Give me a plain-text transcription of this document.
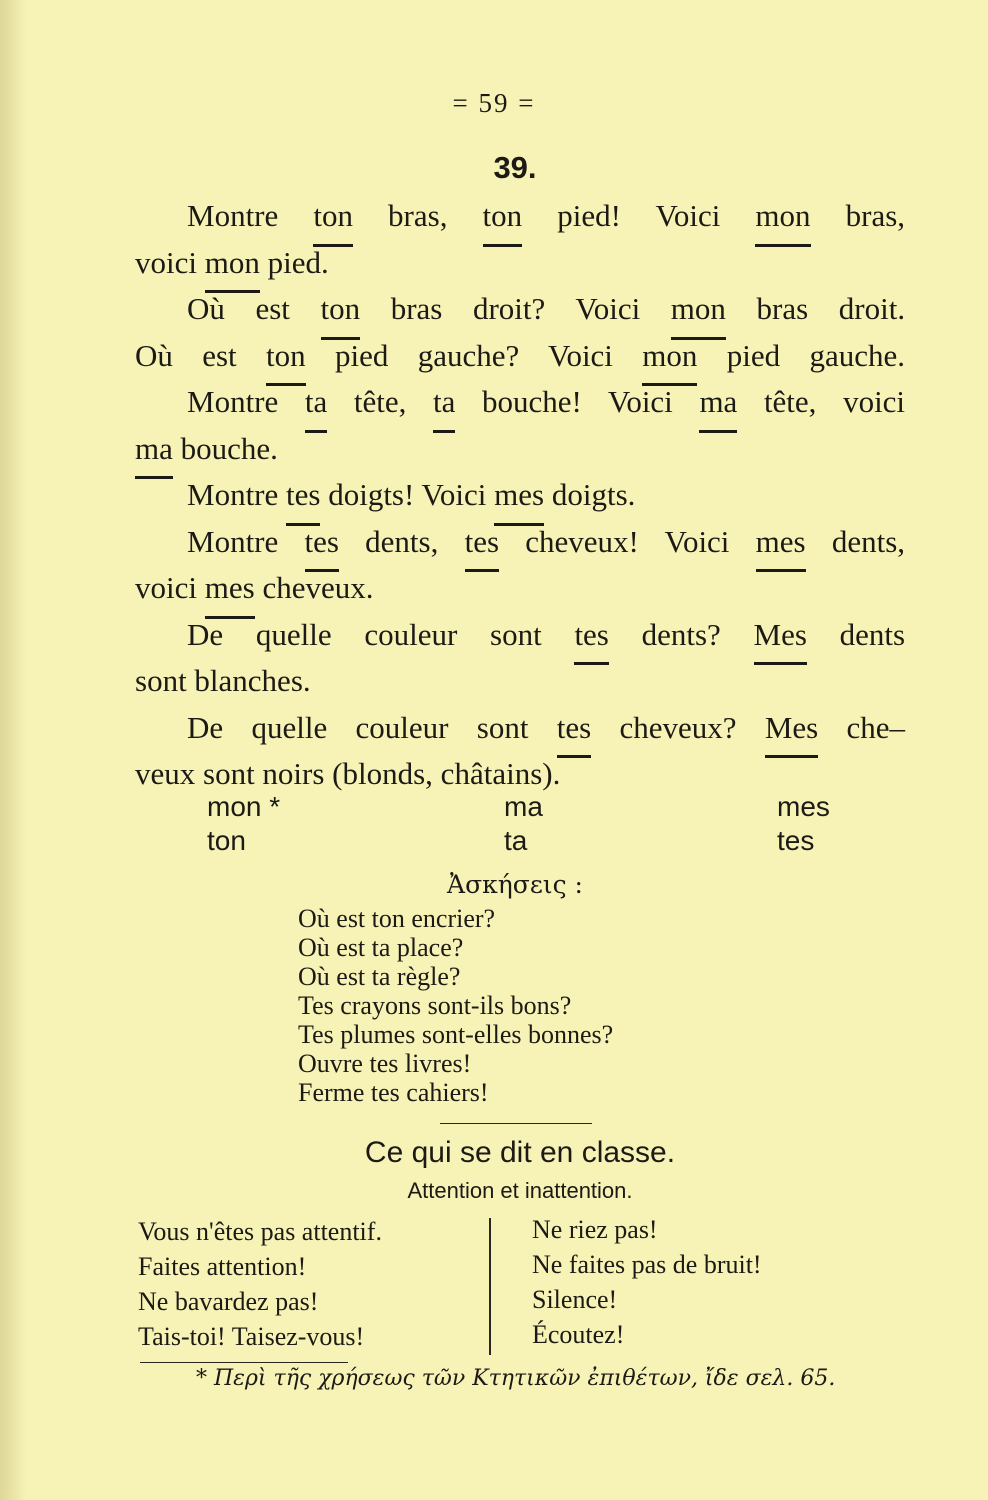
= 59 =
39.
Montre ton bras, ton pied! Voici mon bras,
voici mon pied.
Où est ton bras droit? Voici mon bras droit.
Où est ton pied gauche? Voici mon pied gauche.
Montre ta tête, ta bouche! Voici ma tête, voici
ma bouche.
Montre tes doigts! Voici mes doigts.
Montre tes dents, tes cheveux! Voici mes dents,
voici mes cheveux.
De quelle couleur sont tes dents? Mes dents
sont blanches.
De quelle couleur sont tes cheveux? Mes che–
veux sont noirs (blonds, châtains).
mon *
ton
ma
ta
mes
tes
Ἀσκήσεις :
Où est ton encrier?
Où est ta place?
Où est ta règle?
Tes crayons sont-ils bons?
Tes plumes sont-elles bonnes?
Ouvre tes livres!
Ferme tes cahiers!
Ce qui se dit en classe.
Attention et inattention.
Vous n'êtes pas attentif.
Faites attention!
Ne bavardez pas!
Tais-toi! Taisez-vous!
Ne riez pas!
Ne faites pas de bruit!
Silence!
Écoutez!
* Περὶ τῆς χρήσεως τῶν Κτητικῶν ἐπιθέτων, ἴδε σελ. 65.
